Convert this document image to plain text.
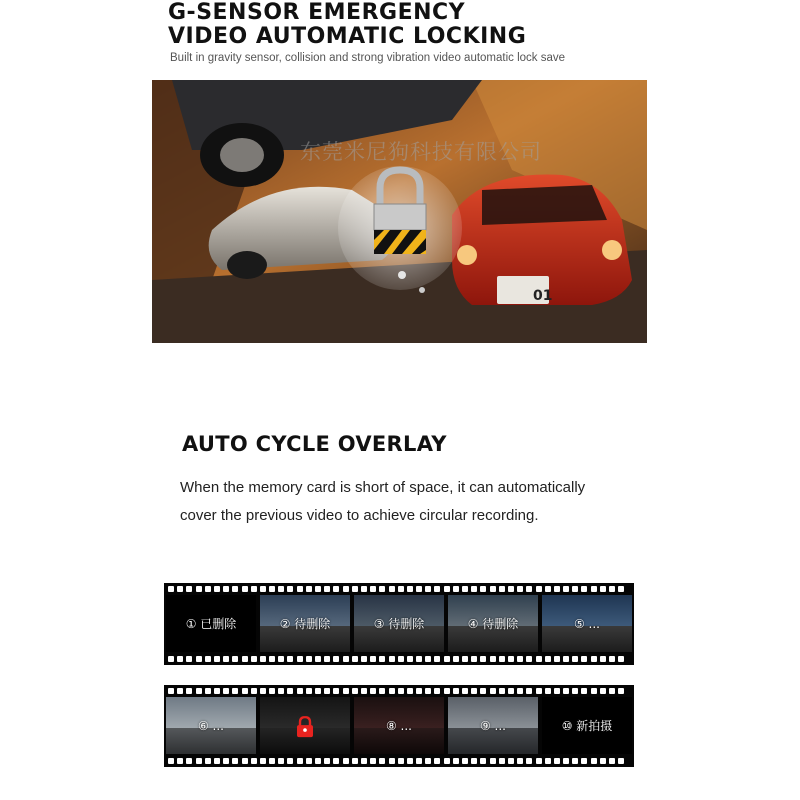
G-SENSOR EMERGENCY
VIDEO AUTOMATIC LOCKING
Built in gravity sensor, collision and strong vibration video automatic lock save
01
东莞米尼狗科技有限公司
AUTO CYCLE OVERLAY
When the memory card is short of space, it can automatically
cover the previous video to achieve circular recording.
① 已删除	② 待删除	③ 待删除	④ 待删除	⑤ ...
⑥ ...	⑧ ...	⑨ ...	⑩ 新拍摄
